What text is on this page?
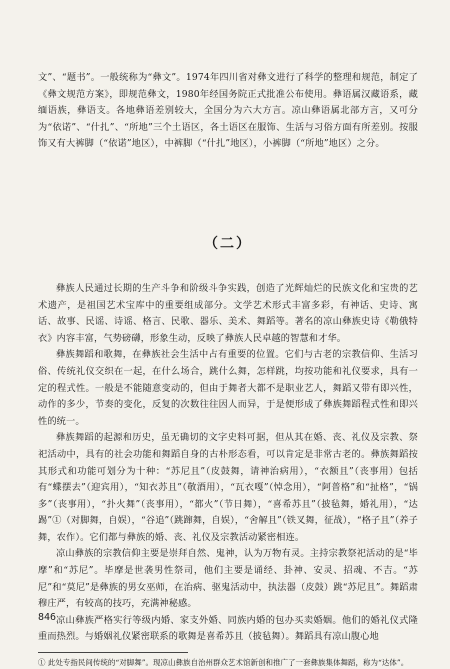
文”、“题书”。一般统称为“彝文”。1974年四川省对彝文进行了科学的整理和规范，制定了《彝文规范方案》，即规范彝文，1980年经国务院正式批准公布使用。彝语属汉藏语系，藏缅语族，彝语支。各地彝语差别较大，全国分为六大方言。凉山彝语属北部方言，又可分为“依诺”、“什扎”、“所地”三个土语区，各土语区在服饰、生活与习俗方面有所差别。按服饰又有大裤脚（“依诺”地区），中裤脚（“什扎”地区），小裤脚（“所地”地区）之分。

（二）

彝族人民通过长期的生产斗争和阶级斗争实践，创造了光辉灿烂的民族文化和宝贵的艺术遗产，是祖国艺术宝库中的重要组成部分。文学艺术形式丰富多彩，有神话、史诗、寓话、故事、民谣、诗谣、格言、民歌、器乐、美术、舞蹈等。著名的凉山彝族史诗《勒俄特衣》内容丰富，气势磅礴，形象生动，反映了彝族人民卓越的智慧和才华。

彝族舞蹈和歌舞，在彝族社会生活中占有重要的位置。它们与古老的宗教信仰、生活习俗、传统礼仪交织在一起，在什么场合，跳什么舞，怎样跳，均按功能和礼仪要求，具有一定的程式性。一般是不能随意变动的，但由于舞者大都不是职业艺人，舞蹈又带有即兴性，动作的多少，节奏的变化，反复的次数往往因人而异，于是便形成了彝族舞蹈程式性和即兴性的统一。

彝族舞蹈的起源和历史，虽无确切的文字史料可据，但从其在婚、丧、礼仪及宗教、祭祀活动中，具有的社会功能和舞蹈自身的古朴形态看，可以肯定是非常古老的。彝族舞蹈按其形式和功能可划分为十种：“苏尼且”（皮鼓舞，请神治病用），“衣额且”（丧事用）包括有“蝶摆去”（迎宾用），“知衣苏且”（敬酒用），“瓦衣嘎”（悼念用），“阿普格”和“扯格”，“锅多”（丧事用），“扑火舞”（丧事用），“都火”（节日舞），“喜希苏且”（披毡舞，婚礼用），“达踢”①（对脚舞，自娱），“谷追”（跳蹿舞，自娱），“舍解且”（铁叉舞，征战），“格子且”（养子舞，农作）。它们都与彝族的婚、丧、礼仪及宗教活动紧密相连。

凉山彝族的宗教信仰主要是崇拜自然、鬼神，认为万物有灵。主持宗教祭祀活动的是“毕摩”和“苏尼”。毕摩是世袭男性祭司，他们主要是诵经、卦神、安灵、招魂、不吉。“苏尼”和“莫尼”是彝族的男女巫师，在治病、驱鬼活动中，执法器（皮鼓）跳“苏尼且”。舞蹈肃穆庄严，有较高的技巧，充满神秘感。

凉山彝族严格实行等级内婚、家支外婚、同族内婚的包办买卖婚姻。他们的婚礼仪式隆重而热烈。与婚姻礼仪紧密联系的歌舞是喜希苏且（披毡舞）。舞蹈具有凉山腹心地

① 此处专指民间传统的“对脚舞”。现凉山彝族自治州群众艺术馆新创和推广了一套彝族集体舞蹈，称为“达体”。
846
